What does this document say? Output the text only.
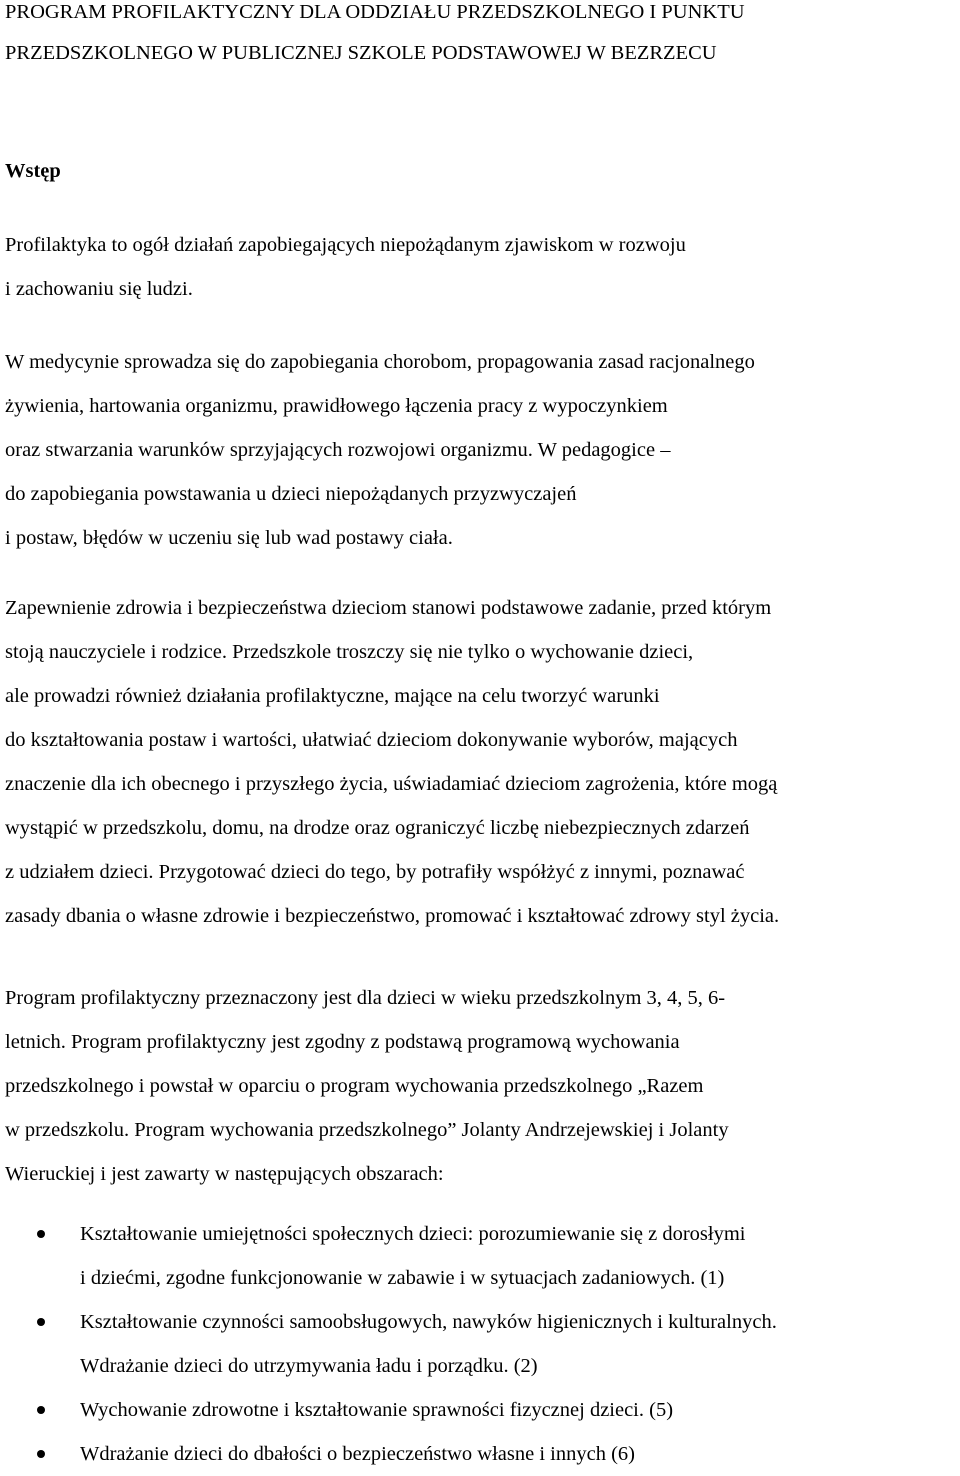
PROGRAM PROFILAKTYCZNY DLA ODDZIAŁU PRZEDSZKOLNEGO I PUNKTU
PRZEDSZKOLNEGO W PUBLICZNEJ SZKOLE PODSTAWOWEJ W BEZRZECU
Wstęp

Profilaktyka to ogół działań zapobiegających niepożądanym zjawiskom w rozwoju
i zachowaniu się ludzi.

W medycynie sprowadza się do zapobiegania chorobom, propagowania zasad racjonalnego
żywienia, hartowania organizmu, prawidłowego łączenia pracy z wypoczynkiem
oraz stwarzania warunków sprzyjających rozwojowi organizmu. W pedagogice –
do zapobiegania powstawania u dzieci niepożądanych przyzwyczajeń
i postaw, błędów w uczeniu się lub wad postawy ciała.

Zapewnienie zdrowia i bezpieczeństwa dzieciom stanowi podstawowe zadanie, przed którym
stoją nauczyciele i rodzice. Przedszkole troszczy się nie tylko o wychowanie dzieci,
ale prowadzi również działania profilaktyczne, mające na celu tworzyć warunki
do kształtowania postaw i wartości, ułatwiać dzieciom dokonywanie wyborów, mających
znaczenie dla ich obecnego i przyszłego życia, uświadamiać dzieciom zagrożenia, które mogą
wystąpić w przedszkolu, domu, na drodze oraz ograniczyć liczbę niebezpiecznych zdarzeń
z udziałem dzieci. Przygotować dzieci do tego, by potrafiły współżyć z innymi, poznawać
zasady dbania o własne zdrowie i bezpieczeństwo, promować i kształtować zdrowy styl życia.

Program profilaktyczny przeznaczony jest dla dzieci w wieku przedszkolnym 3, 4, 5, 6-
letnich. Program profilaktyczny jest zgodny z podstawą programową wychowania
przedszkolnego i powstał w oparciu o program wychowania przedszkolnego „Razem
w przedszkolu. Program wychowania przedszkolnego” Jolanty Andrzejewskiej i Jolanty
Wieruckiej i jest zawarty w następujących obszarach:

Kształtowanie umiejętności społecznych dzieci: porozumiewanie się z dorosłymi
i dziećmi, zgodne funkcjonowanie w zabawie i w sytuacjach zadaniowych. (1)
Kształtowanie czynności samoobsługowych, nawyków higienicznych i kulturalnych.
Wdrażanie dzieci do utrzymywania ładu i porządku. (2)
Wychowanie zdrowotne i kształtowanie sprawności fizycznej dzieci. (5)
Wdrażanie dzieci do dbałości o bezpieczeństwo własne i innych (6)
